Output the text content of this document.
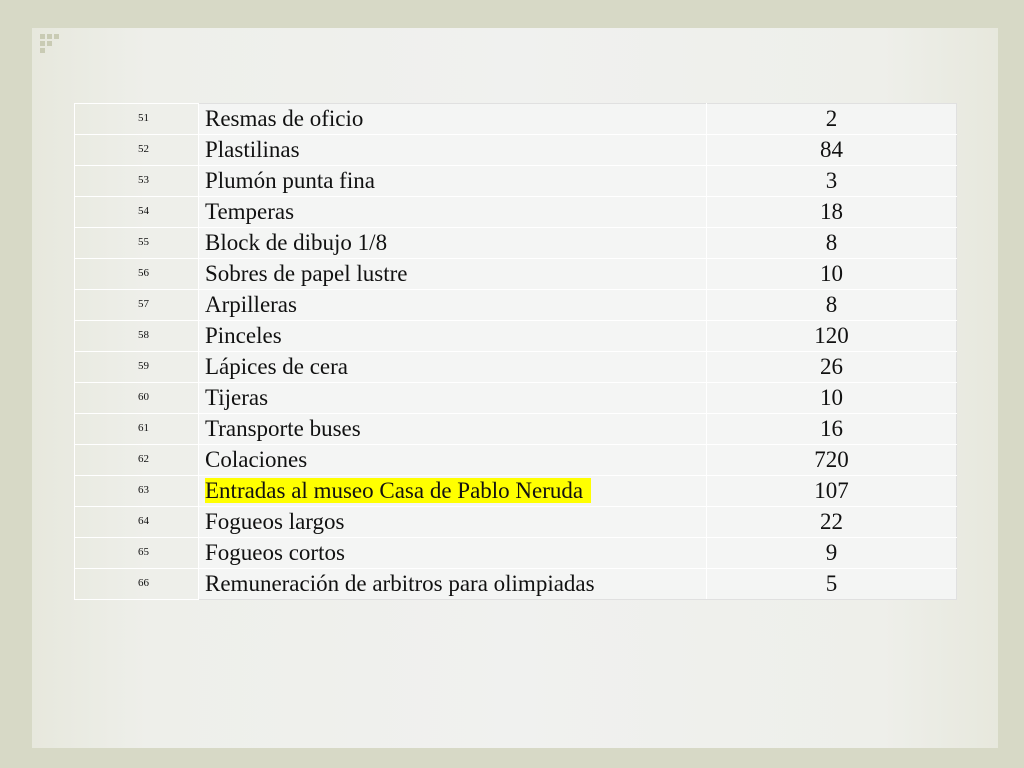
51	Resmas de oficio	2
52	Plastilinas	84
53	Plumón punta fina	3
54	Temperas	18
55	Block de dibujo 1/8	8
56	Sobres de papel lustre	10
57	Arpilleras	8
58	Pinceles	120
59	Lápices de cera	26
60	Tijeras	10
61	Transporte buses	16
62	Colaciones	720
63	Entradas al museo Casa de Pablo Neruda	107
64	Fogueos largos	22
65	Fogueos cortos	9
66	Remuneración de arbitros para olimpiadas	5
